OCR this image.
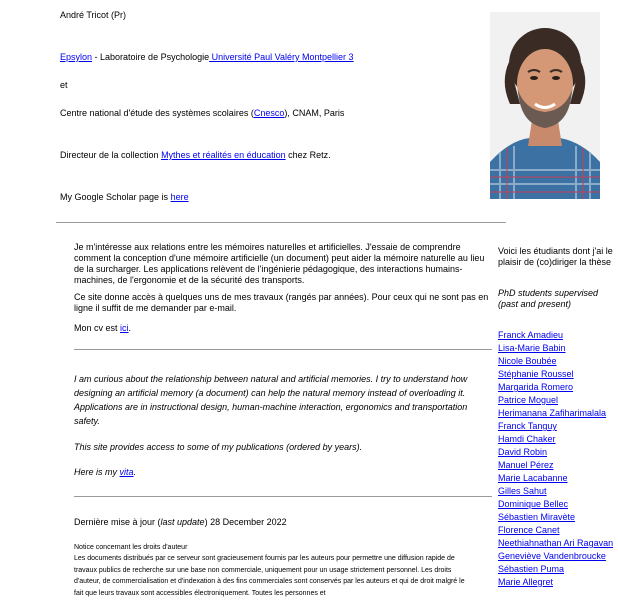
André Tricot (Pr)
Epsylon - Laboratoire de Psychologie Université Paul Valéry Montpellier 3
et
Centre national d'étude des systèmes scolaires (Cnesco), CNAM, Paris
Directeur de la collection Mythes et réalités en éducation chez Retz.
My Google Scholar page is here
Je m'intéresse aux relations entre les mémoires naturelles et artificielles. J'essaie de comprendre comment la conception d'une mémoire artificielle (un document) peut aider la mémoire naturelle au lieu de la surcharger. Les applications relèvent de l'ingénierie pédagogique, des interactions humains-machines, de l'ergonomie et de la sécurité des transports.
Ce site donne accès à quelques uns de mes travaux (rangés par années). Pour ceux qui ne sont pas en ligne il suffit de me demander par e-mail.
Mon cv est ici.
I am curious about the relationship between natural and artificial memories. I try to understand how designing an artificial memory (a document) can help the natural memory instead of overloading it. Applications are in instructional design, human-machine interaction, ergonomics and transportation safety.
This site provides access to some of my publications (ordered by years).
Here is my vita.
Dernière mise à jour (last update) 28 December 2022
Notice concernant les droits d'auteur
Les documents distribués par ce serveur sont gracieusement fournis par les auteurs pour permettre une diffusion rapide de travaux publics de recherche sur une base non commerciale, uniquement pour un usage strictement personnel. Les droits d'auteur, de commercialisation et d'indexation à des fins commerciales sont conservés par les auteurs et qui de droit malgré le fait que leurs travaux sont accessibles électroniquement. Toutes les personnes et
Voici les étudiants dont j'ai le plaisir de (co)diriger la thèse
PhD students supervised (past and present)
Franck Amadieu
Lisa-Marie Babin
Nicole Boubée
Stéphanie Roussel
Margarida Romero
Patrice Moguel
Herimanana Zafiharimalala
Franck Tanguy
Hamdi Chaker
David Robin
Manuel Pérez
Marie Lacabanne
Gilles Sahut
Dominique Bellec
Sébastien Miravète
Florence Canet
Neethiahnathan Ari Ragavan
Geneviève Vandenbroucke
Sébastien Puma
Marie Allegret
